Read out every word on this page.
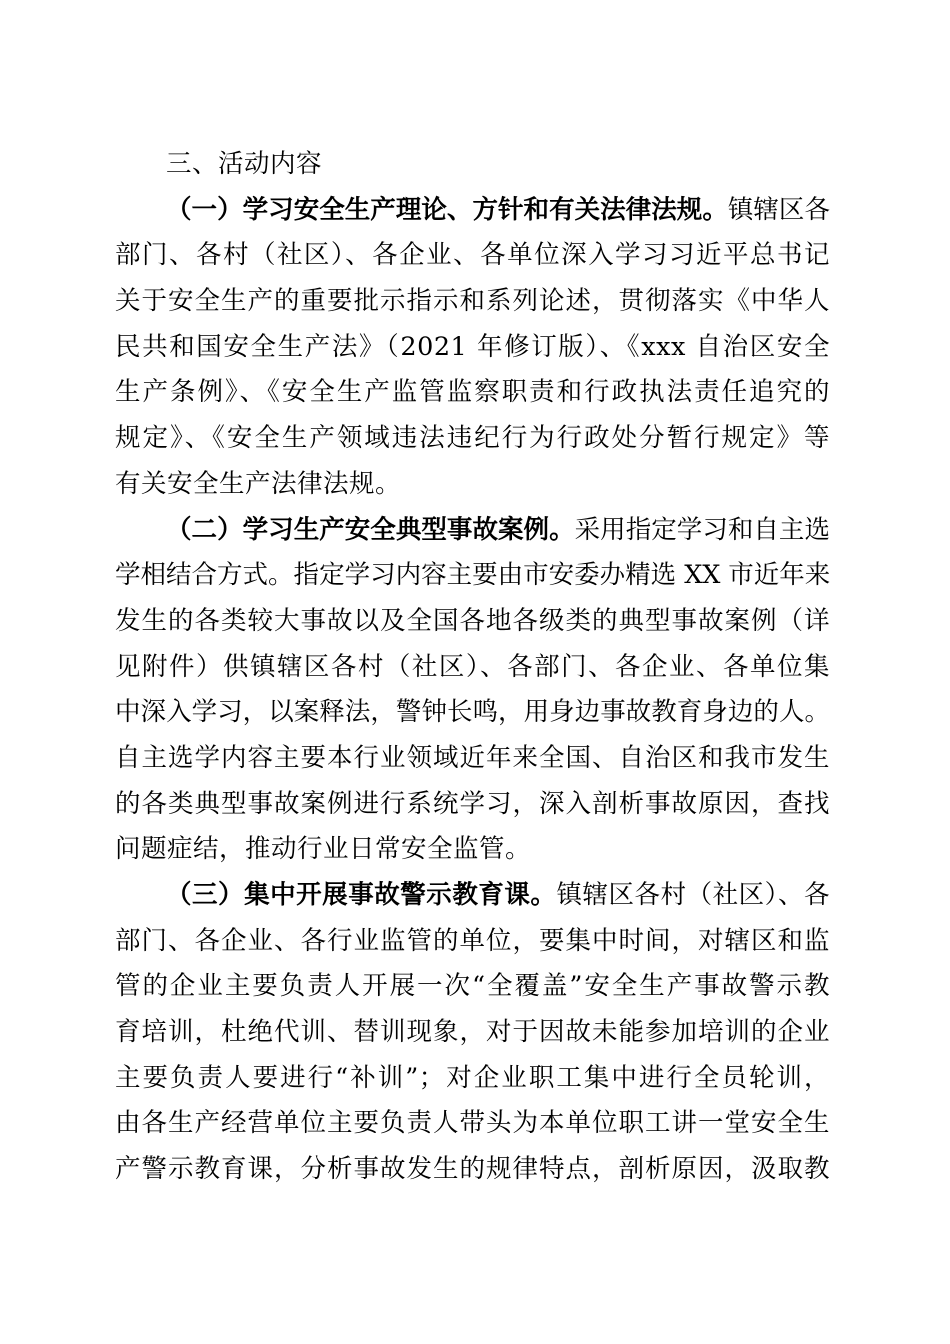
三、活动内容
（一）学习安全生产理论、方针和有关法律法规。镇辖区各
部门、各村（社区）、各企业、各单位深入学习习近平总书记
关于安全生产的重要批示指示和系列论述，贯彻落实《中华人
民共和国安全生产法》（2021 年修订版）、《xxx 自治区安全
生产条例》、《安全生产监管监察职责和行政执法责任追究的
规定》、《安全生产领域违法违纪行为行政处分暂行规定》等
有关安全生产法律法规。
（二）学习生产安全典型事故案例。采用指定学习和自主选
学相结合方式。指定学习内容主要由市安委办精选 XX 市近年来
发生的各类较大事故以及全国各地各级类的典型事故案例（详
见附件）供镇辖区各村（社区）、各部门、各企业、各单位集
中深入学习，以案释法，警钟长鸣，用身边事故教育身边的人。
自主选学内容主要本行业领域近年来全国、自治区和我市发生
的各类典型事故案例进行系统学习，深入剖析事故原因，查找
问题症结，推动行业日常安全监管。
（三）集中开展事故警示教育课。镇辖区各村（社区）、各
部门、各企业、各行业监管的单位，要集中时间，对辖区和监
管的企业主要负责人开展一次“全覆盖”安全生产事故警示教
育培训，杜绝代训、替训现象，对于因故未能参加培训的企业
主要负责人要进行“补训”；对企业职工集中进行全员轮训，
由各生产经营单位主要负责人带头为本单位职工讲一堂安全生
产警示教育课，分析事故发生的规律特点，剖析原因，汲取教
